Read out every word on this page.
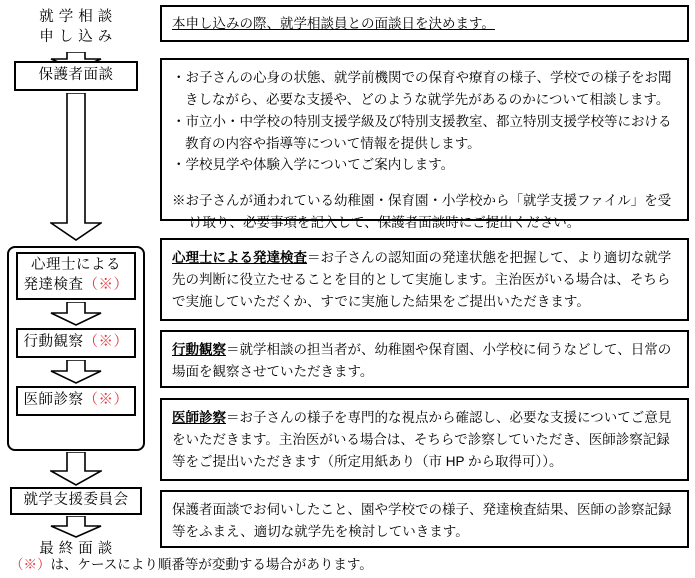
就 学 相 談
申 し 込 み
保護者面談
心理士による
発達検査（※）
行動観察（※）
医師診察（※）
就学支援委員会
最 終 面 談

本申し込みの際、就学相談員との面談日を決めます。

・お子さんの心身の状態、就学前機関での保育や療育の様子、学校での様子をお聞きしながら、必要な支援や、どのような就学先があるのかについて相談します。

・市立小・中学校の特別支援学級及び特別支援教室、都立特別支援学校等における教育の内容や指導等について情報を提供します。

・学校見学や体験入学についてご案内します。

※お子さんが通われている幼稚園・保育園・小学校から「就学支援ファイル」を受け取り、必要事項を記入して、保護者面談時にご提出ください。

心理士による発達検査＝お子さんの認知面の発達状態を把握して、より適切な就学先の判断に役立たせることを目的として実施します。主治医がいる場合は、そちらで実施していただくか、すでに実施した結果をご提出いただきます。

行動観察＝就学相談の担当者が、幼稚園や保育園、小学校に伺うなどして、日常の場面を観察させていただきます。

医師診察＝お子さんの様子を専門的な視点から確認し、必要な支援についてご意見をいただきます。主治医がいる場合は、そちらで診察していただき、医師診察記録等をご提出いただきます（所定用紙あり（市 HP から取得可））。

保護者面談でお伺いしたこと、園や学校での様子、発達検査結果、医師の診察記録等をふまえ、適切な就学先を検討していきます。

（※）は、ケースにより順番等が変動する場合があります。
